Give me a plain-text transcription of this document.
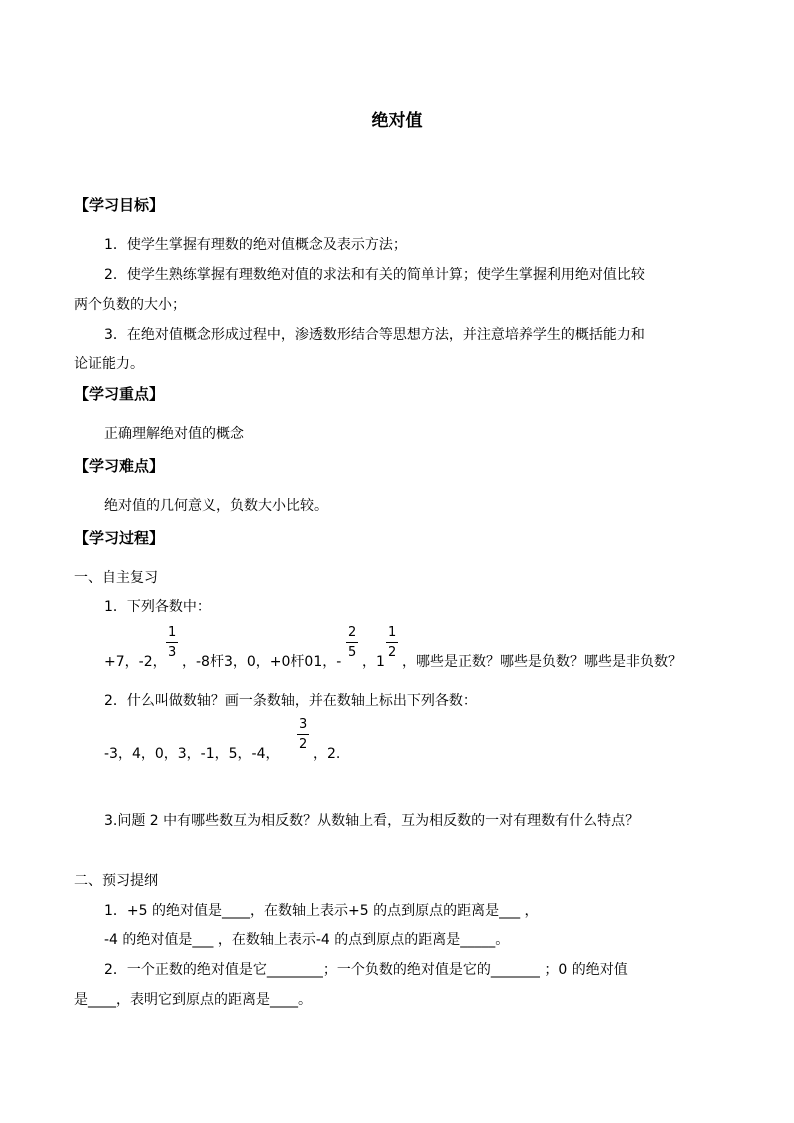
绝对值
【学习目标】
1．使学生掌握有理数的绝对值概念及表示方法；
2．使学生熟练掌握有理数绝对值的求法和有关的简单计算；使学生掌握利用绝对值比较
两个负数的大小；
3．在绝对值概念形成过程中，渗透数形结合等思想方法，并注意培养学生的概括能力和
论证能力。
【学习重点】
正确理解绝对值的概念
【学习难点】
绝对值的几何意义，负数大小比较。
【学习过程】
一、自主复习
1．下列各数中：
+7，-2，
1
3
，-8杆3，0，+0杆01，-
2
5
，1
1
2
，哪些是正数？哪些是负数？哪些是非负数？
2．什么叫做数轴？画一条数轴，并在数轴上标出下列各数：
-3，4，0，3，-1，5，-4，
3
2
，2.
3.问题 2 中有哪些数互为相反数？从数轴上看，互为相反数的一对有理数有什么特点？
二、预习提纲
1．+5 的绝对值是____，在数轴上表示+5 的点到原点的距离是___ ，
-4 的绝对值是___ ，在数轴上表示-4 的点到原点的距离是_____。
2．一个正数的绝对值是它________；一个负数的绝对值是它的_______ ；0 的绝对值
是____，表明它到原点的距离是____。
